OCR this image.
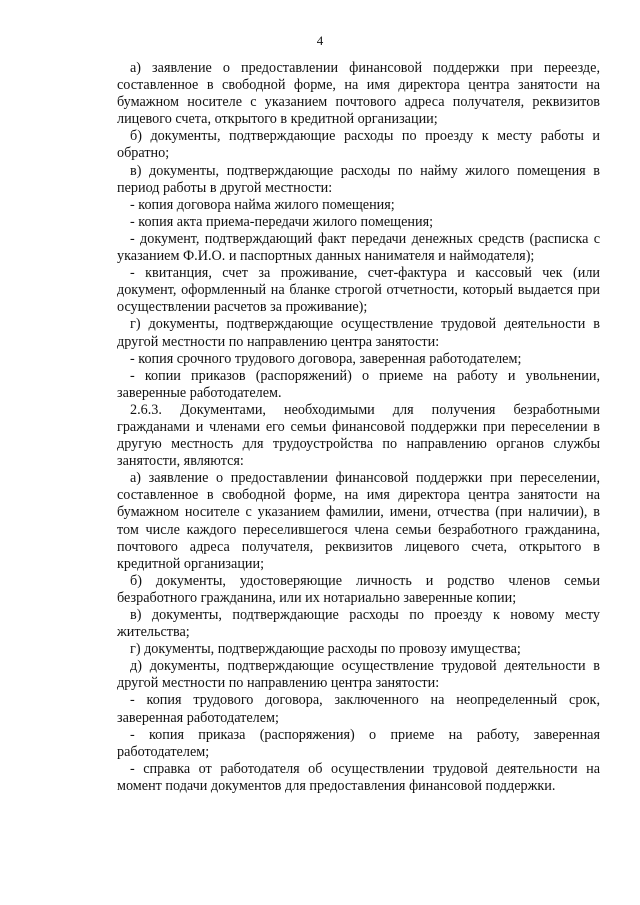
4

а) заявление о предоставлении финансовой поддержки при переезде, составленное в свободной форме, на имя директора центра занятости на бумажном носителе с указанием почтового адреса получателя, реквизитов лицевого счета, открытого в кредитной организации;

б) документы, подтверждающие расходы по проезду к месту работы и обратно;

в) документы, подтверждающие расходы по найму жилого помещения в период работы в другой местности:

- копия договора найма жилого помещения;

- копия акта приема-передачи жилого помещения;

- документ, подтверждающий факт передачи денежных средств (расписка с указанием Ф.И.О. и паспортных данных нанимателя и наймодателя);

- квитанция, счет за проживание, счет-фактура и кассовый чек (или документ, оформленный на бланке строгой отчетности, который выдается при осуществлении расчетов за проживание);

г) документы, подтверждающие осуществление трудовой деятельности в другой местности по направлению центра занятости:

- копия срочного трудового договора, заверенная работодателем;

- копии приказов (распоряжений) о приеме на работу и увольнении, заверенные работодателем.

2.6.3. Документами, необходимыми для получения безработными гражданами и членами его семьи финансовой поддержки при переселении в другую местность для трудоустройства по направлению органов службы занятости, являются:

а) заявление о предоставлении финансовой поддержки при переселении, составленное в свободной форме, на имя директора центра занятости на бумажном носителе с указанием фамилии, имени, отчества (при наличии), в том числе каждого переселившегося члена семьи безработного гражданина, почтового адреса получателя, реквизитов лицевого счета, открытого в кредитной организации;

б) документы, удостоверяющие личность и родство членов семьи безработного гражданина, или их нотариально заверенные копии;

в) документы, подтверждающие расходы по проезду к новому месту жительства;

г) документы, подтверждающие расходы по провозу имущества;

д) документы, подтверждающие осуществление трудовой деятельности в другой местности по направлению центра занятости:

- копия трудового договора, заключенного на неопределенный срок, заверенная работодателем;

- копия приказа (распоряжения) о приеме на работу, заверенная работодателем;

- справка от работодателя об осуществлении трудовой деятельности на момент подачи документов для предоставления финансовой поддержки.
